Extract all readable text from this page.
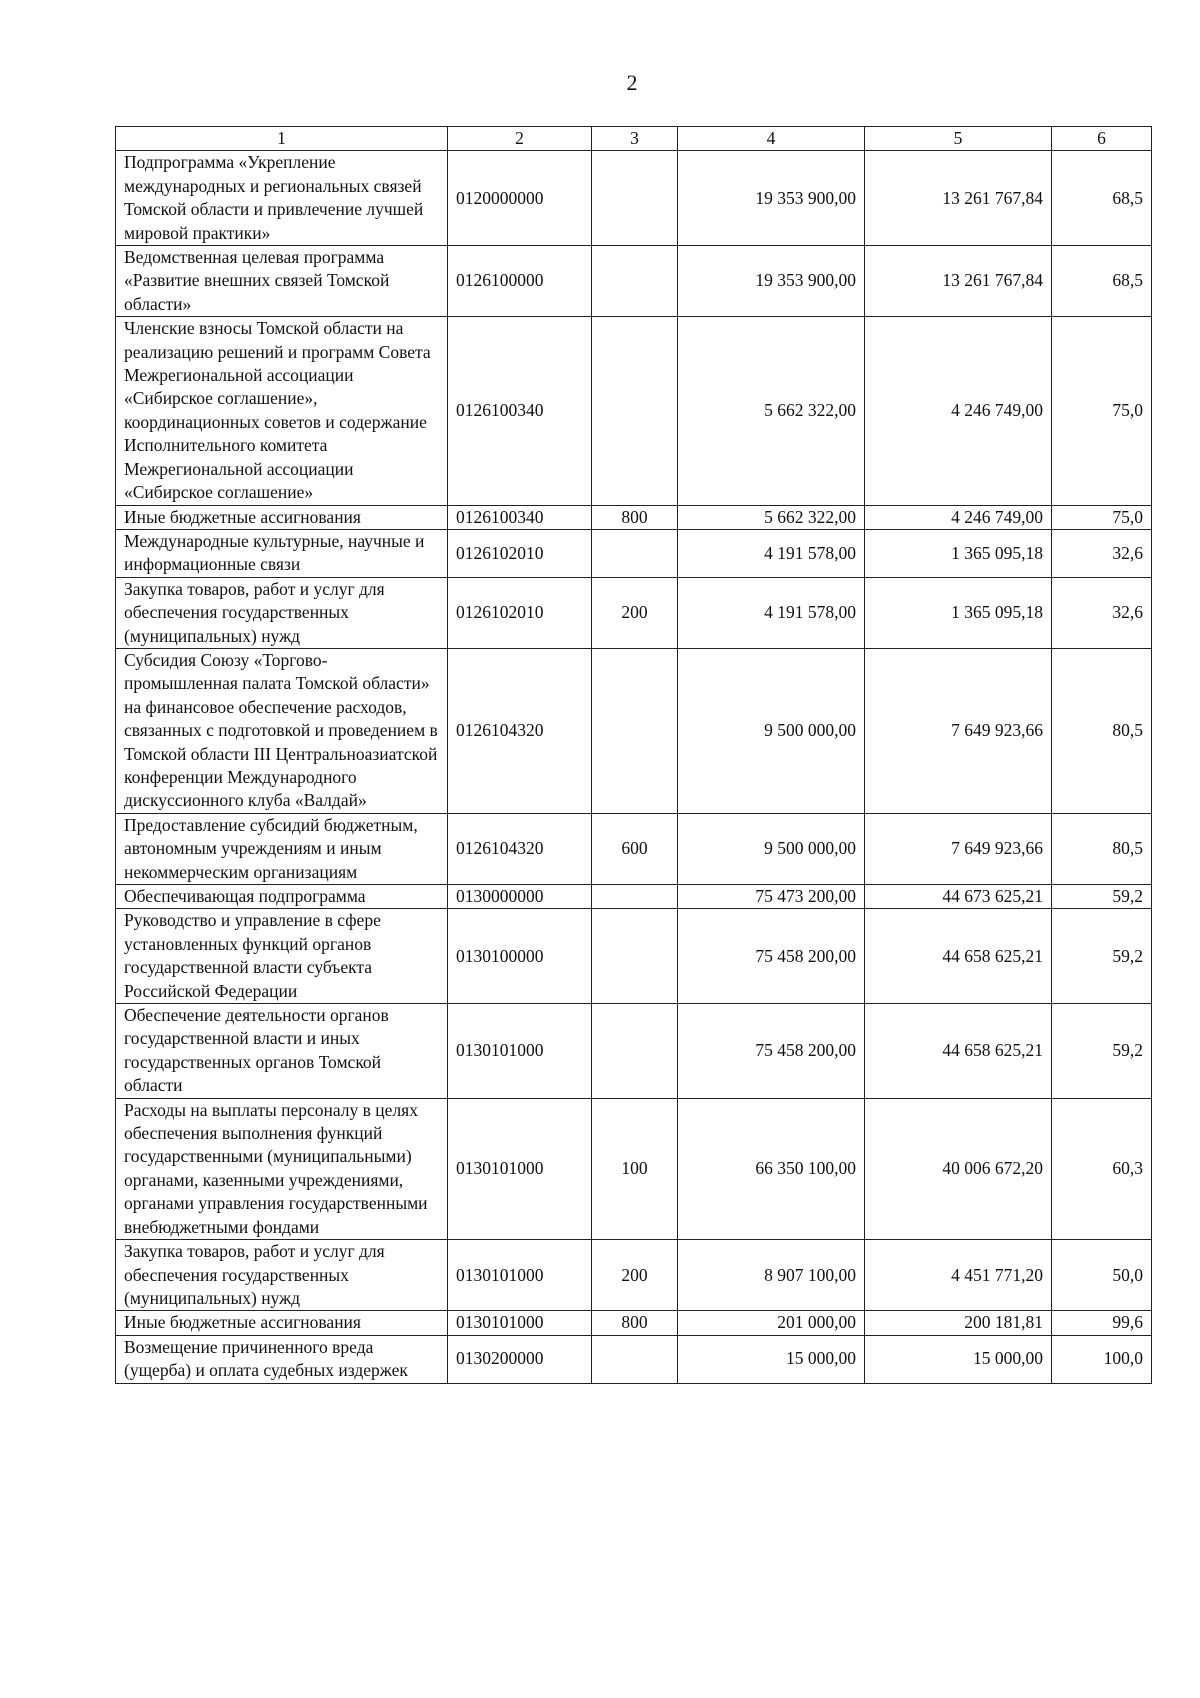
2
1	2	3	4	5	6
Подпрограмма «Укрепление международных и региональных связей Томской области и привлечение лучшей мировой практики»	0120000000		19 353 900,00	13 261 767,84	68,5
Ведомственная целевая программа «Развитие внешних связей Томской области»	0126100000		19 353 900,00	13 261 767,84	68,5
Членские взносы Томской области на реализацию решений и программ Совета Межрегиональной ассоциации «Сибирское соглашение», координационных советов и содержание Исполнительного комитета Межрегиональной ассоциации «Сибирское соглашение»	0126100340		5 662 322,00	4 246 749,00	75,0
Иные бюджетные ассигнования	0126100340	800	5 662 322,00	4 246 749,00	75,0
Международные культурные, научные и информационные связи	0126102010		4 191 578,00	1 365 095,18	32,6
Закупка товаров, работ и услуг для обеспечения государственных (муниципальных) нужд	0126102010	200	4 191 578,00	1 365 095,18	32,6
Субсидия Союзу «Торгово-промышленная палата Томской области» на финансовое обеспечение расходов, связанных с подготовкой и проведением в Томской области III Центральноазиатской конференции Международного дискуссионного клуба «Валдай»	0126104320		9 500 000,00	7 649 923,66	80,5
Предоставление субсидий бюджетным, автономным учреждениям и иным некоммерческим организациям	0126104320	600	9 500 000,00	7 649 923,66	80,5
Обеспечивающая подпрограмма	0130000000		75 473 200,00	44 673 625,21	59,2
Руководство и управление в сфере установленных функций органов государственной власти субъекта Российской Федерации	0130100000		75 458 200,00	44 658 625,21	59,2
Обеспечение деятельности органов государственной власти и иных государственных органов Томской области	0130101000		75 458 200,00	44 658 625,21	59,2
Расходы на выплаты персоналу в целях обеспечения выполнения функций государственными (муниципальными) органами, казенными учреждениями, органами управления государственными внебюджетными фондами	0130101000	100	66 350 100,00	40 006 672,20	60,3
Закупка товаров, работ и услуг для обеспечения государственных (муниципальных) нужд	0130101000	200	8 907 100,00	4 451 771,20	50,0
Иные бюджетные ассигнования	0130101000	800	201 000,00	200 181,81	99,6
Возмещение причиненного вреда (ущерба) и оплата судебных издержек	0130200000		15 000,00	15 000,00	100,0
